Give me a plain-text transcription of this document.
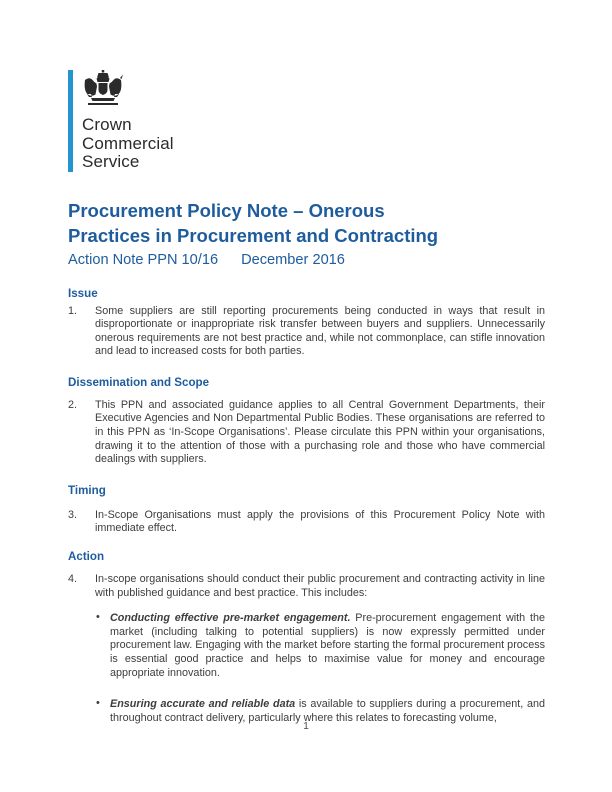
Crown
Commercial
Service
Procurement Policy Note – Onerous
Practices in Procurement and Contracting
Action Note PPN 10/16 December 2016
Issue
1. Some suppliers are still reporting procurements being conducted in ways that result in disproportionate or inappropriate risk transfer between buyers and suppliers. Unnecessarily onerous requirements are not best practice and, while not commonplace, can stifle innovation and lead to increased costs for both parties.
Dissemination and Scope
2. This PPN and associated guidance applies to all Central Government Departments, their Executive Agencies and Non Departmental Public Bodies. These organisations are referred to in this PPN as ‘In-Scope Organisations’. Please circulate this PPN within your organisations, drawing it to the attention of those with a purchasing role and those who have commercial dealings with suppliers.
Timing
3. In-Scope Organisations must apply the provisions of this Procurement Policy Note with immediate effect.
Action
4. In-scope organisations should conduct their public procurement and contracting activity in line with published guidance and best practice. This includes:
• Conducting effective pre-market engagement. Pre-procurement engagement with the market (including talking to potential suppliers) is now expressly permitted under procurement law. Engaging with the market before starting the formal procurement process is essential good practice and helps to maximise value for money and encourage appropriate innovation.
• Ensuring accurate and reliable data is available to suppliers during a procurement, and throughout contract delivery, particularly where this relates to forecasting volume,
1
